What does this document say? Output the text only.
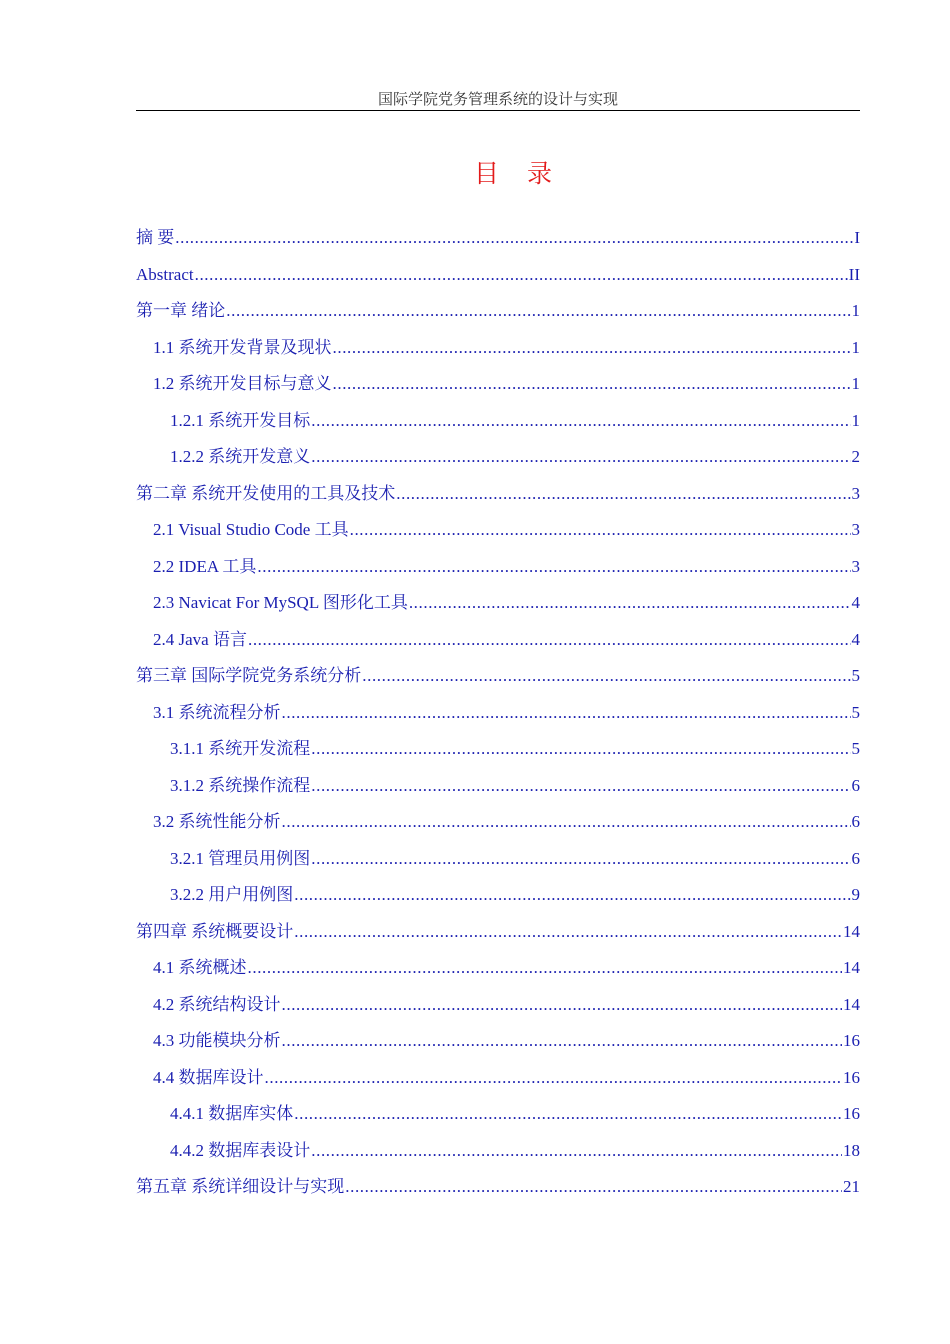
国际学院党务管理系统的设计与实现
目 录
摘 要 .....	I
Abstract .....	II
第一章 绪论 .....	1
1.1 系统开发背景及现状 .....	1
1.2 系统开发目标与意义 .....	1
1.2.1 系统开发目标 .....	1
1.2.2 系统开发意义 .....	2
第二章 系统开发使用的工具及技术 .....	3
2.1 Visual Studio Code 工具 .....	3
2.2 IDEA 工具 .....	3
2.3 Navicat For MySQL 图形化工具 .....	4
2.4 Java 语言 .....	4
第三章 国际学院党务系统分析 .....	5
3.1 系统流程分析 .....	5
3.1.1 系统开发流程 .....	5
3.1.2 系统操作流程 .....	6
3.2 系统性能分析 .....	6
3.2.1 管理员用例图 .....	6
3.2.2 用户用例图 .....	9
第四章 系统概要设计 .....	14
4.1 系统概述 .....	14
4.2 系统结构设计 .....	14
4.3 功能模块分析 .....	16
4.4 数据库设计 .....	16
4.4.1 数据库实体 .....	16
4.4.2 数据库表设计 .....	18
第五章 系统详细设计与实现 .....	21
